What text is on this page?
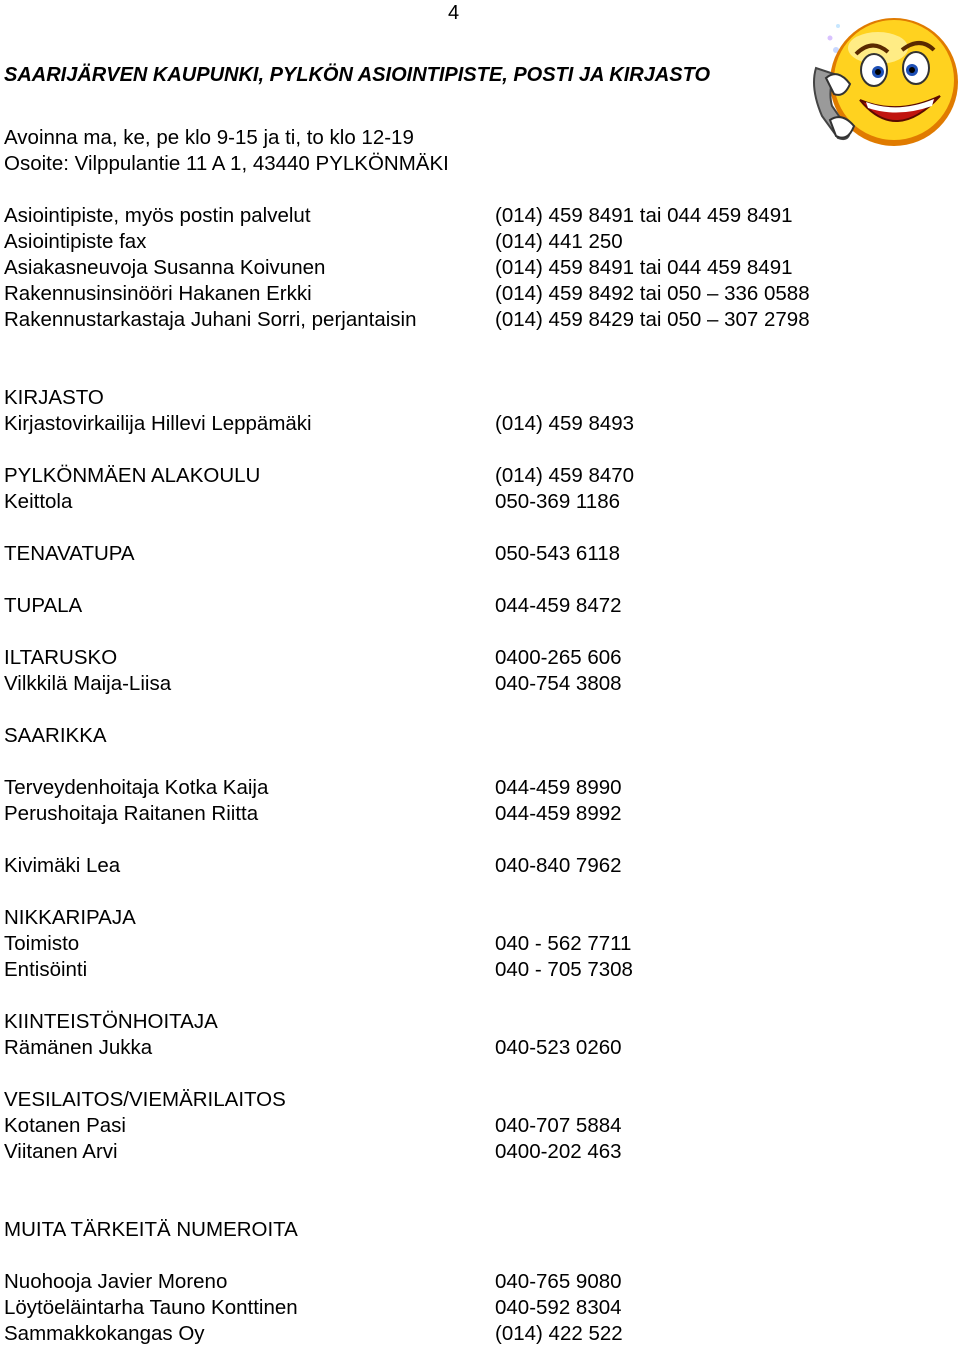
4
SAARIJÄRVEN KAUPUNKI, PYLKÖN ASIOINTIPISTE, POSTI JA KIRJASTO
Avoinna ma, ke, pe klo 9-15 ja ti, to klo 12-19
Osoite: Vilppulantie 11 A 1, 43440 PYLKÖNMÄKI
Asiointipiste, myös postin palvelut	(014) 459 8491 tai 044 459 8491
Asiointipiste fax	(014) 441 250
Asiakasneuvoja Susanna Koivunen	(014) 459 8491 tai 044 459 8491
Rakennusinsinööri Hakanen Erkki	(014) 459 8492 tai 050 – 336 0588
Rakennustarkastaja Juhani Sorri, perjantaisin	(014) 459 8429 tai 050 – 307 2798
KIRJASTO
Kirjastovirkailija Hillevi Leppämäki	(014) 459 8493
PYLKÖNMÄEN ALAKOULU	(014) 459 8470
Keittola	050-369 1186
TENAVATUPA	050-543 6118
TUPALA	044-459 8472
ILTARUSKO	0400-265 606
Vilkkilä Maija-Liisa	040-754 3808
SAARIKKA
Terveydenhoitaja Kotka Kaija	044-459 8990
Perushoitaja Raitanen Riitta	044-459 8992
Kivimäki Lea	040-840 7962
NIKKARIPAJA
Toimisto	040 - 562 7711
Entisöinti	040 - 705 7308
KIINTEISTÖNHOITAJA
Rämänen Jukka	040-523 0260
VESILAITOS/VIEMÄRILAITOS
Kotanen Pasi	040-707 5884
Viitanen Arvi	0400-202 463
MUITA TÄRKEITÄ NUMEROITA
Nuohooja Javier Moreno	040-765 9080
Löytöeläintarha Tauno Konttinen	040-592 8304
Sammakkokangas Oy	(014) 422 522
